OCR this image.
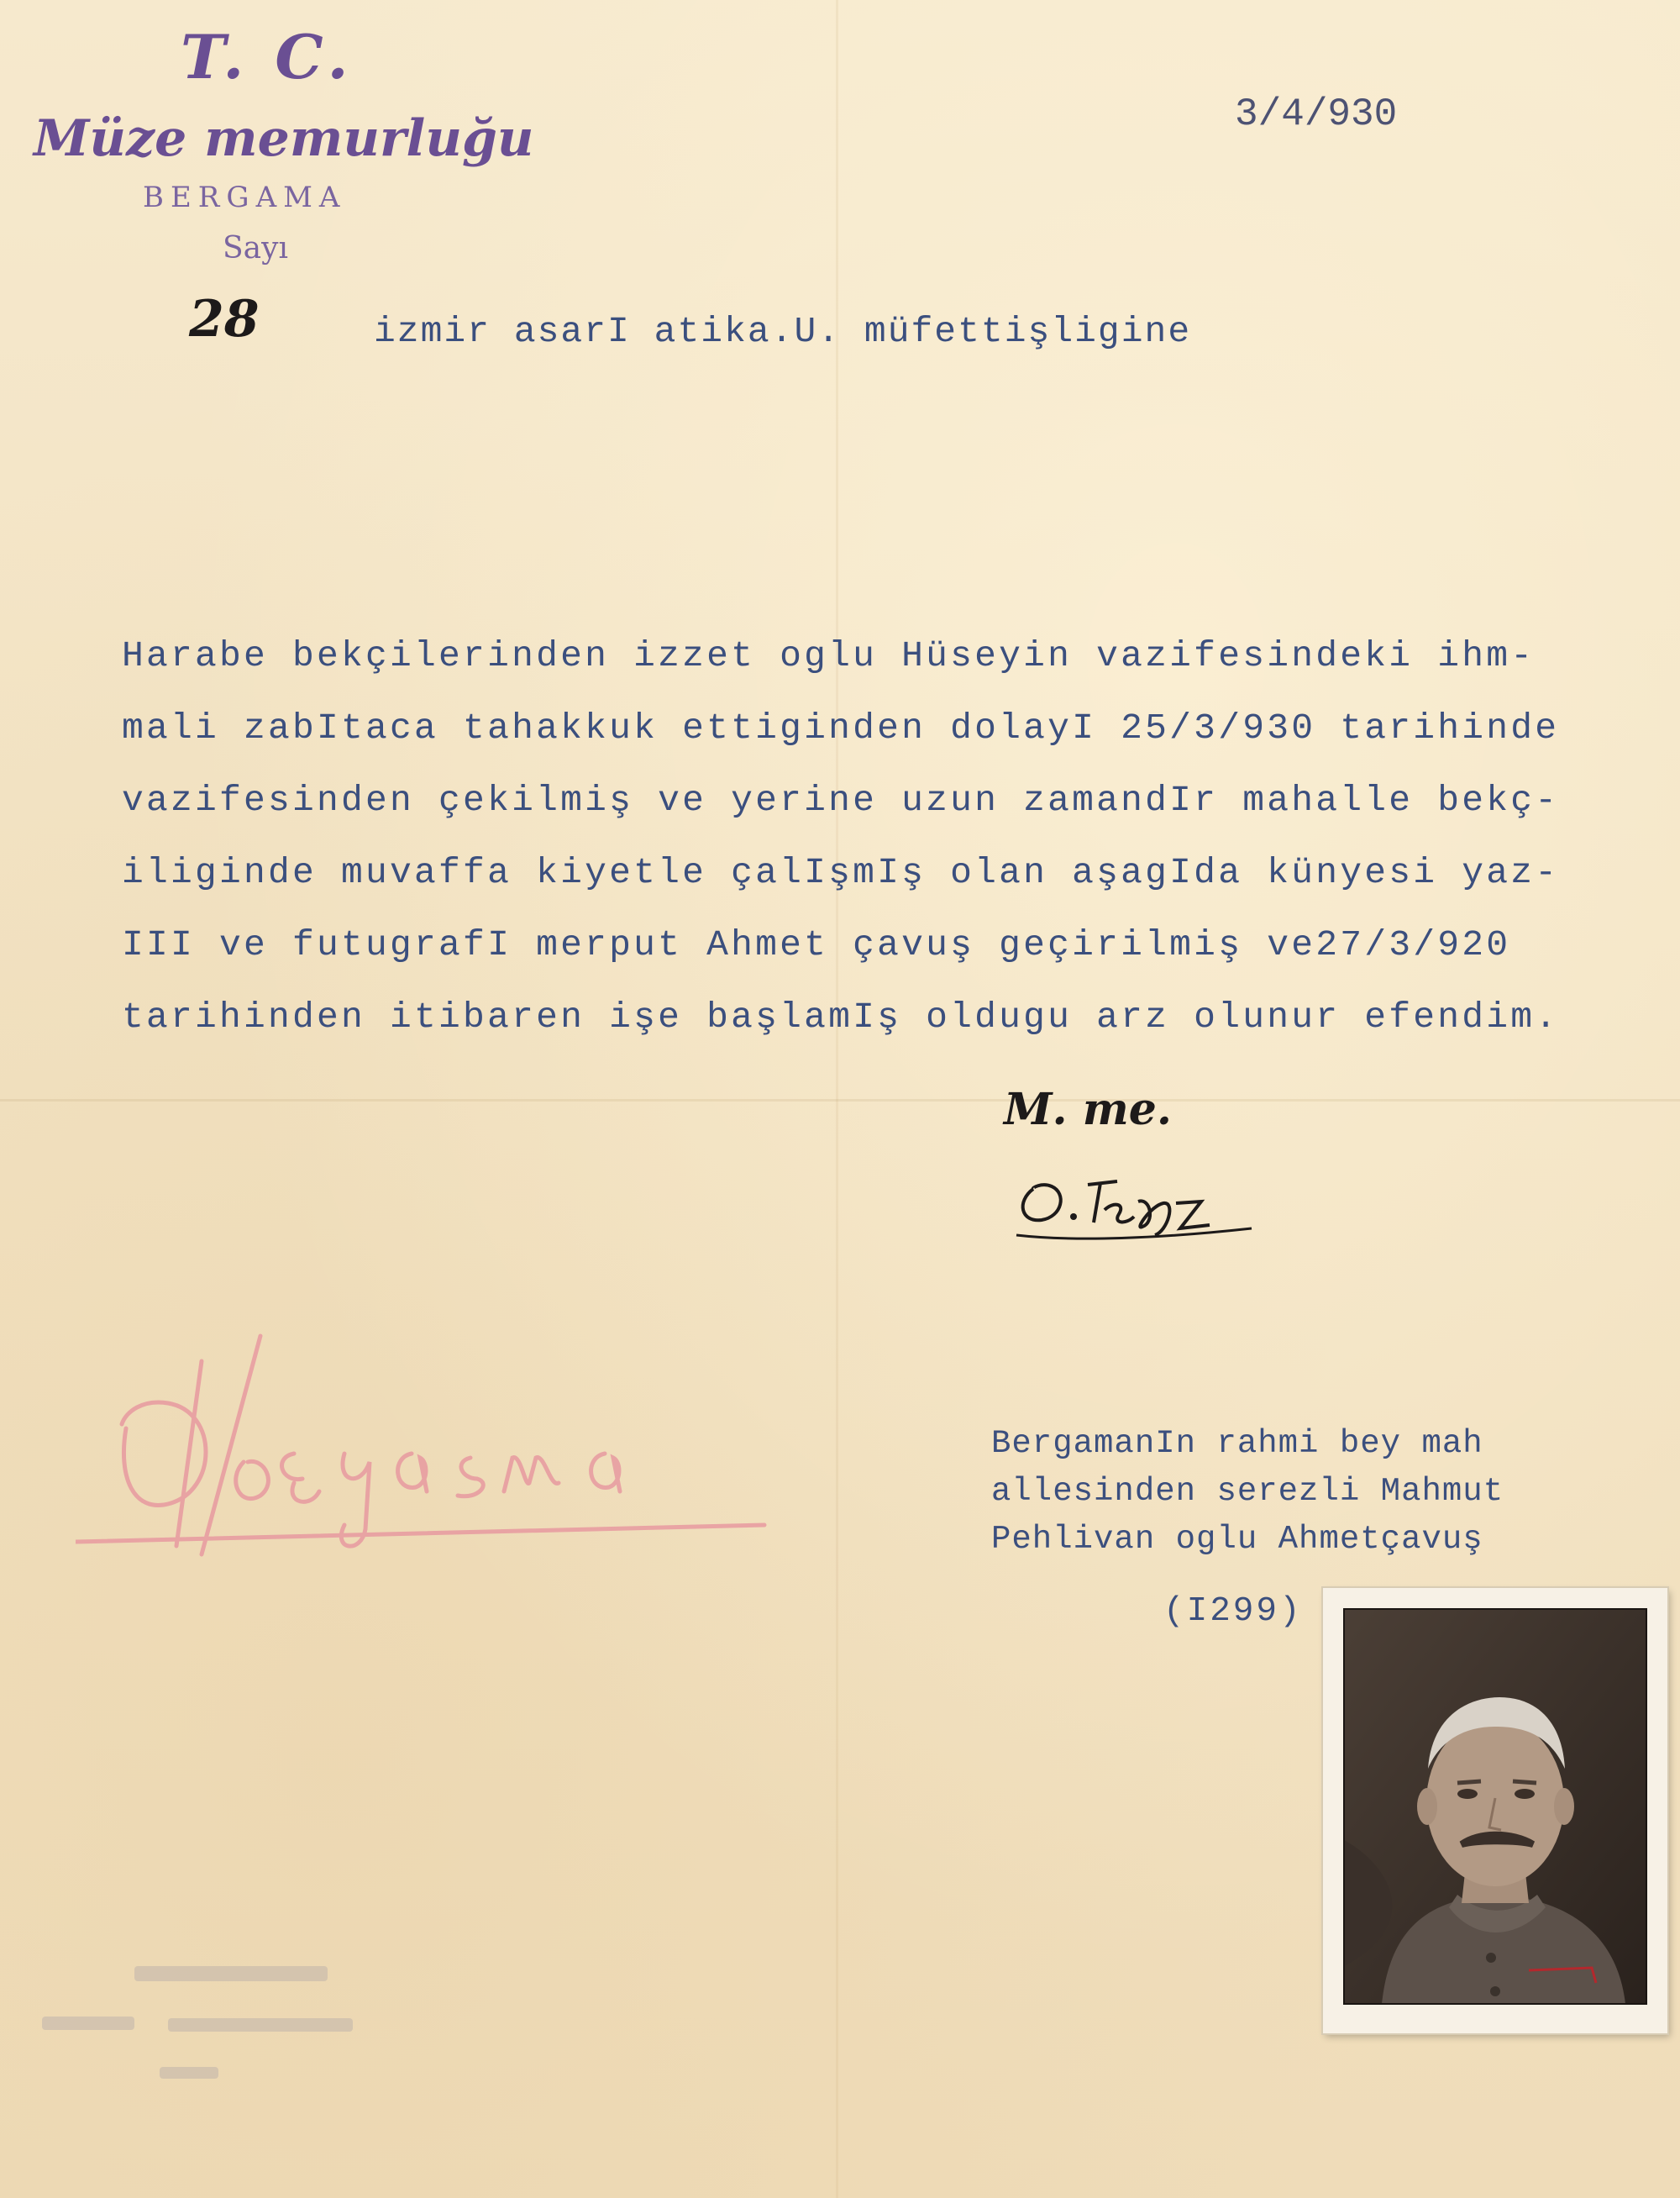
T. C.
Müze memurluğu
BERGAMA
Sayı
28
3/4/930
izmir asarI atika.U. müfettişligine
Harabe bekçilerinden izzet oglu Hüseyin vazifesindeki ihm-
mali zabItaca tahakkuk ettiginden dolayI 25/3/930 tarihinde
vazifesinden çekilmiş ve yerine uzun zamandIr mahalle bekç-
iliginde muvaffa kiyetle çalIşmIş olan aşagIda künyesi yaz-
III ve futugrafI merput Ahmet çavuş geçirilmiş ve27/3/920
tarihinden itibaren işe başlamIş oldugu arz olunur efendim.
M. me.
BergamanIn rahmi bey mah
allesinden serezli Mahmut
Pehlivan oglu Ahmetçavuş
(I299)
